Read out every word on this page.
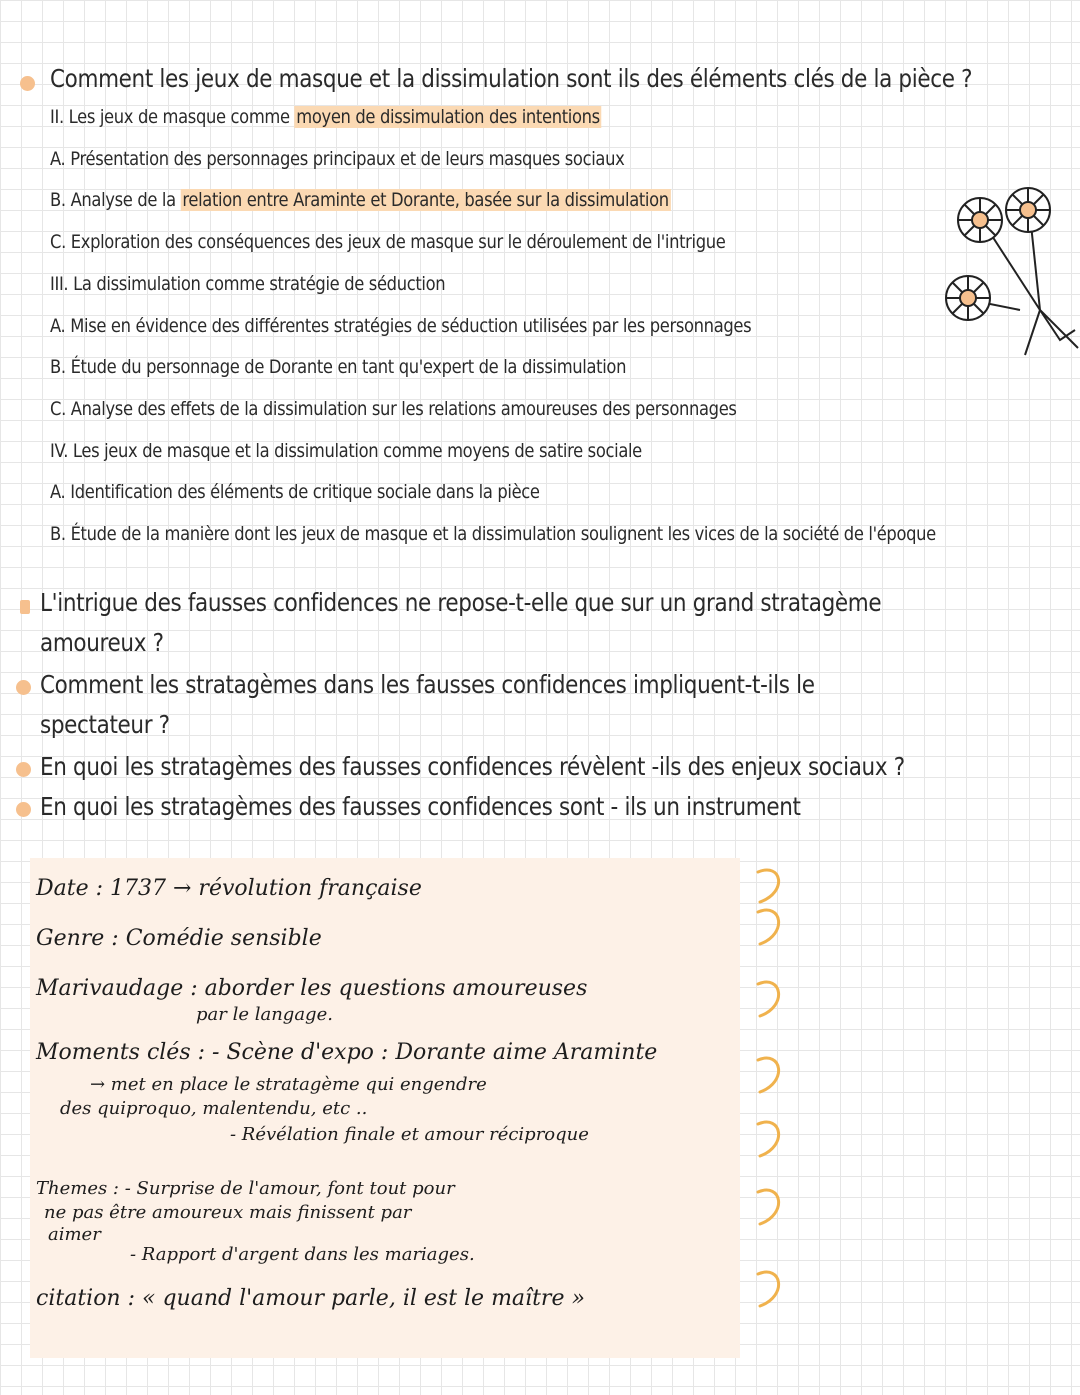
Comment les jeux de masque et la dissimulation sont ils des éléments clés de la pièce ?
II. Les jeux de masque comme moyen de dissimulation des intentions
A. Présentation des personnages principaux et de leurs masques sociaux
B. Analyse de la relation entre Araminte et Dorante, basée sur la dissimulation
C. Exploration des conséquences des jeux de masque sur le déroulement de l'intrigue
III. La dissimulation comme stratégie de séduction
A. Mise en évidence des différentes stratégies de séduction utilisées par les personnages
B. Étude du personnage de Dorante en tant qu'expert de la dissimulation
C. Analyse des effets de la dissimulation sur les relations amoureuses des personnages
IV. Les jeux de masque et la dissimulation comme moyens de satire sociale
A. Identification des éléments de critique sociale dans la pièce
B. Étude de la manière dont les jeux de masque et la dissimulation soulignent les vices de la société de l'époque
L'intrigue des fausses confidences ne repose-t-elle que sur un grand stratagème
amoureux ?
Comment les stratagèmes dans les fausses confidences impliquent-t-ils le
spectateur ?
En quoi les stratagèmes des fausses confidences révèlent -ils des enjeux sociaux ?
En quoi les stratagèmes des fausses confidences sont - ils un instrument
Date : 1737 → révolution française
Genre : Comédie sensible
Marivaudage : aborder les questions amoureuses
par le langage.
Moments clés : - Scène d'expo : Dorante aime Araminte
→ met en place le stratagème qui engendre
des quiproquo, malentendu, etc ..
- Révélation finale et amour réciproque
Themes : - Surprise de l'amour, font tout pour
ne pas être amoureux mais finissent par
aimer
- Rapport d'argent dans les mariages.
citation : « quand l'amour parle, il est le maître »
